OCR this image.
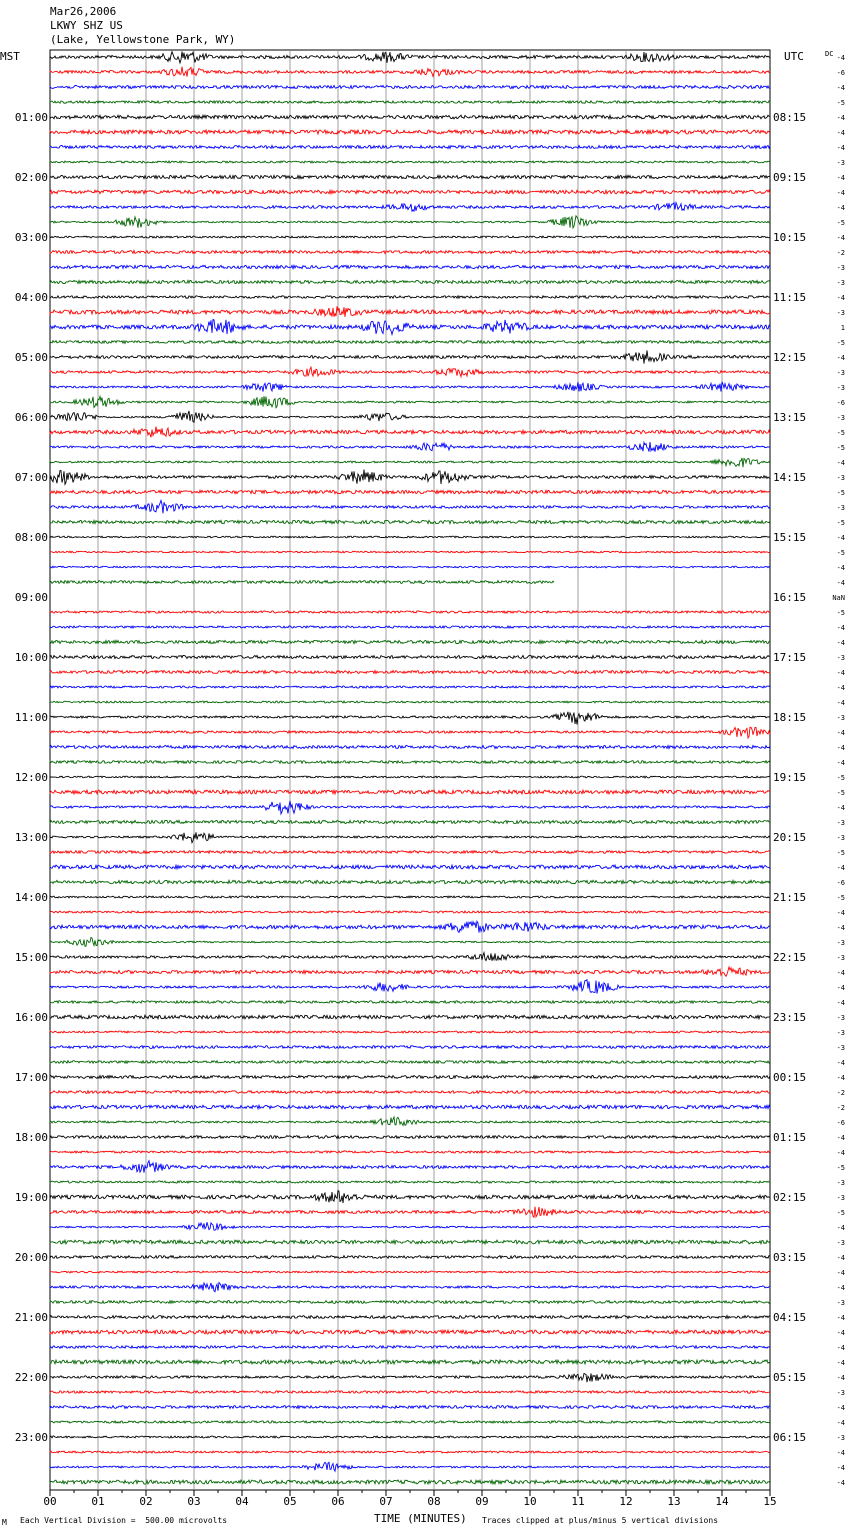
Mar26,2006
LKWY SHZ US
(Lake, Yellowstone Park, WY)
MST	UTC
00	01	02	03	04	05	06	07	08	09	10	11	12	13	14	15
01:00
02:00
03:00
04:00
05:00
06:00
07:00
08:00
09:00
10:00
11:00
12:00
13:00
14:00
15:00
16:00
17:00
18:00
19:00
20:00
21:00
22:00
23:00
08:15
09:15
10:15
11:15
12:15
13:15
14:15
15:15
16:15
17:15
18:15
19:15
20:15
21:15
22:15
23:15
00:15
01:15
02:15
03:15
04:15
05:15
06:15
DC -4
-6
-4
-5
-4
-4
-4
-3
-4
-4
-4
-5
-4
-2
-3
-3
-4
-3
1
-5
-4
-3
-3
-6
-3
-5
-5
-4
-3
-5
-3
-5
-4
-5
-4
-4
NaN
-5
-4
-4
-3
-4
-4
-4
-3
-4
-4
-4
-5
-5
-4
-3
-3
-5
-4
-6
-5
-4
-4
-3
-3
-4
-4
-4
-3
-3
-3
-4
-4
-2
-2
-6
-4
-4
-5
-3
-3
-5
-4
-3
-4
-4
-4
-3
-4
-4
-4
-4
-4
-3
-4
-4
-3
-4
-4
-4
TIME (MINUTES)
M Each Vertical Division =  500.00 microvolts	Traces clipped at plus/minus 5 vertical divisions
